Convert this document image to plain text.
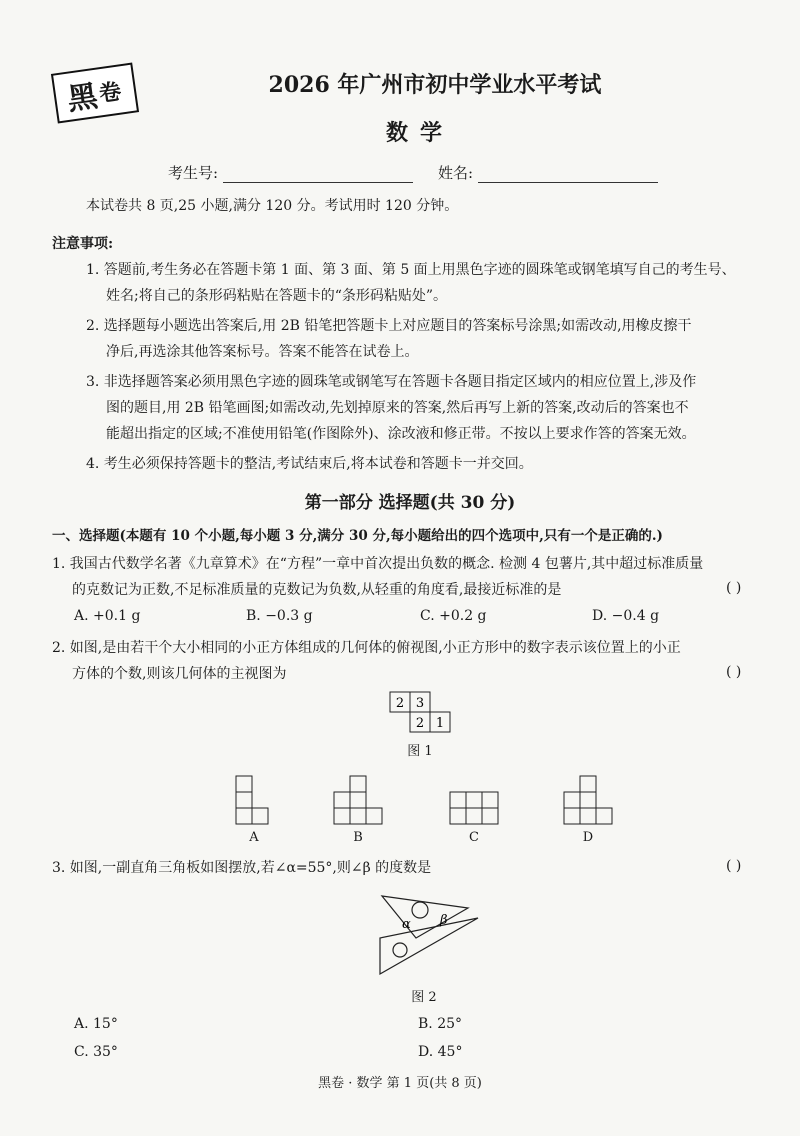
黑
卷	2026 年广州市初中学业水平考试
数学
考生号:	姓名:
本试卷共 8 页,25 小题,满分 120 分。考试用时 120 分钟。
注意事项:
1. 答题前,考生务必在答题卡第 1 面、第 3 面、第 5 面上用黑色字迹的圆珠笔或钢笔填写自己的考生号、
姓名;将自己的条形码粘贴在答题卡的“条形码粘贴处”。
2. 选择题每小题选出答案后,用 2B 铅笔把答题卡上对应题目的答案标号涂黑;如需改动,用橡皮擦干
净后,再选涂其他答案标号。答案不能答在试卷上。
3. 非选择题答案必须用黑色字迹的圆珠笔或钢笔写在答题卡各题目指定区域内的相应位置上,涉及作
图的题目,用 2B 铅笔画图;如需改动,先划掉原来的答案,然后再写上新的答案,改动后的答案也不
能超出指定的区域;不准使用铅笔(作图除外)、涂改液和修正带。不按以上要求作答的答案无效。
4. 考生必须保持答题卡的整洁,考试结束后,将本试卷和答题卡一并交回。
第一部分 选择题(共 30 分)
一、选择题(本题有 10 个小题,每小题 3 分,满分 30 分,每小题给出的四个选项中,只有一个是正确的.)
1. 我国古代数学名著《九章算术》在“方程”一章中首次提出负数的概念. 检测 4 包薯片,其中超过标准质量
的克数记为正数,不足标准质量的克数记为负数,从轻重的角度看,最接近标准的是	( )
A. +0.1 g	B. −0.3 g	C. +0.2 g	D. −0.4 g
2. 如图,是由若干个大小相同的小正方体组成的几何体的俯视图,小正方形中的数字表示该位置上的小正
方体的个数,则该几何体的主视图为	( )
2 3
2 1
图 1
A	B	C	D
3. 如图,一副直角三角板如图摆放,若∠α=55°,则∠β 的度数是	( )
α β
图 2
A. 15°	B. 25°
C. 35°	D. 45°
黑卷 · 数学 第 1 页(共 8 页)
